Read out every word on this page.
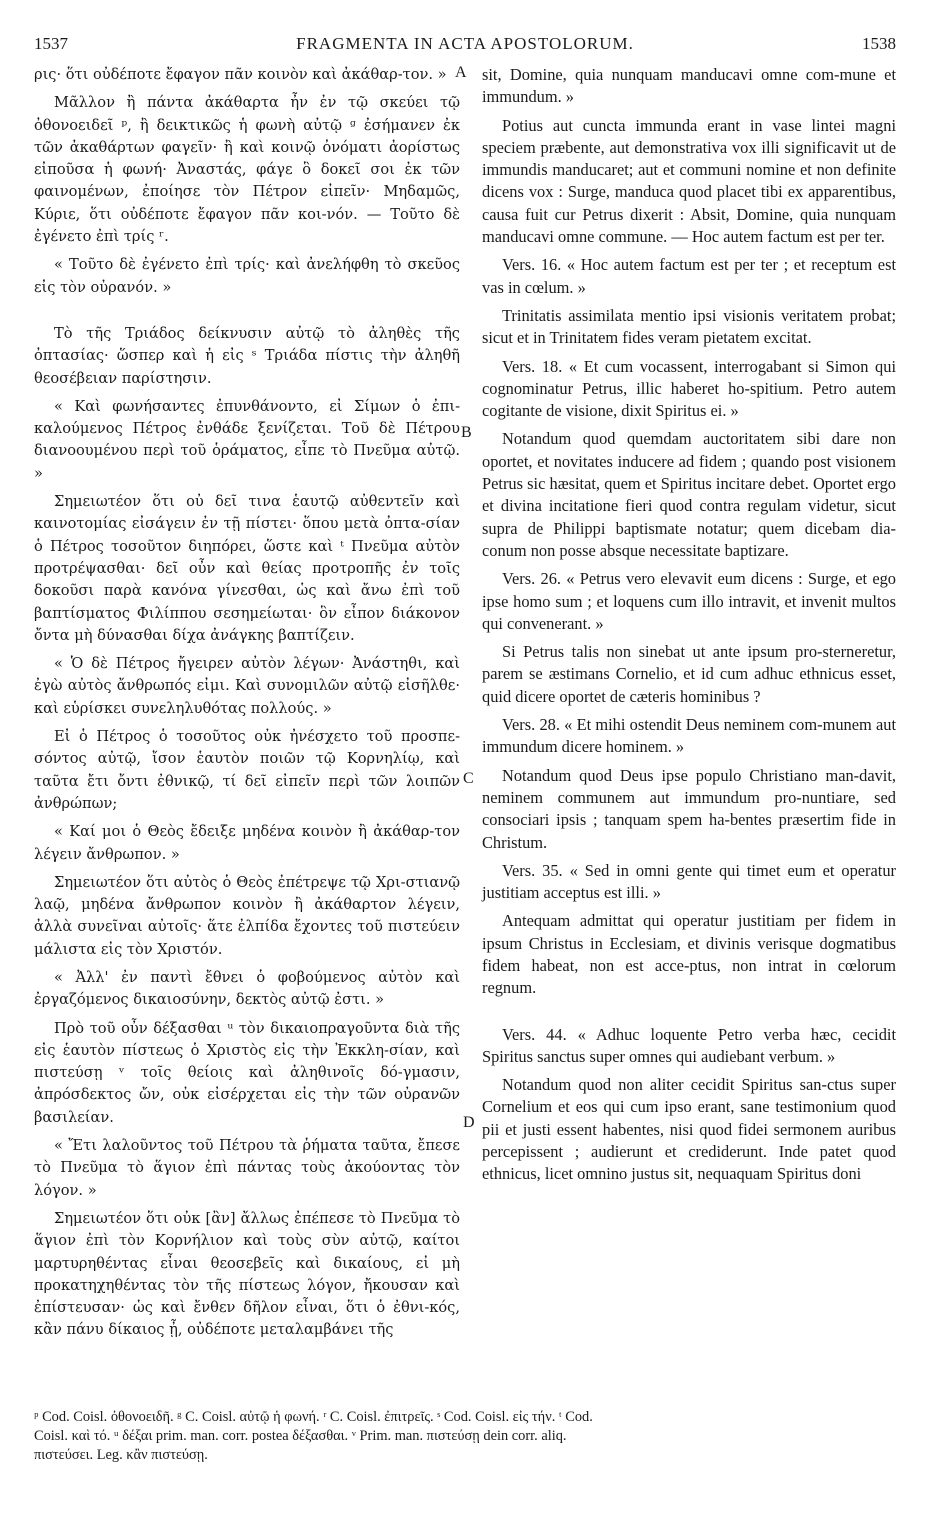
1537	FRAGMENTA IN ACTA APOSTOLORUM.	1538

ρις· ὅτι οὐδέποτε ἔφαγον πᾶν κοινὸν καὶ ἀκάθαρ-τον. »

Μᾶλλον ἢ πάντα ἀκάθαρτα ἦν ἐν τῷ σκεύει τῷ ὀθονοειδεῖ ᵖ, ἢ δεικτικῶς ἡ φωνὴ αὐτῷ ᵍ ἐσήμανεν ἐκ τῶν ἀκαθάρτων φαγεῖν· ἢ καὶ κοινῷ ὀνόματι ἀορίστως εἰποῦσα ἡ φωνή· Ἀναστάς, φάγε ὃ δοκεῖ σοι ἐκ τῶν φαινομένων, ἐποίησε τὸν Πέτρον εἰπεῖν· Μηδαμῶς, Κύριε, ὅτι οὐδέποτε ἔφαγον πᾶν κοι-νόν. — Τοῦτο δὲ ἐγένετο ἐπὶ τρίς ʳ.

« Τοῦτο δὲ ἐγένετο ἐπὶ τρίς· καὶ ἀνελήφθη τὸ σκεῦος εἰς τὸν οὐρανόν. »

Τὸ τῆς Τριάδος δείκνυσιν αὐτῷ τὸ ἀληθὲς τῆς ὀπτασίας· ὥσπερ καὶ ἡ εἰς ˢ Τριάδα πίστις τὴν ἀληθῆ θεοσέβειαν παρίστησιν.

« Καὶ φωνήσαντες ἐπυνθάνοντο, εἰ Σίμων ὁ ἐπι-καλούμενος Πέτρος ἐνθάδε ξενίζεται. Τοῦ δὲ Πέτρου διανοουμένου περὶ τοῦ ὁράματος, εἶπε τὸ Πνεῦμα αὐτῷ. »

Σημειωτέον ὅτι οὐ δεῖ τινα ἑαυτῷ αὐθεντεῖν καὶ καινοτομίας εἰσάγειν ἐν τῇ πίστει· ὅπου μετὰ ὀπτα-σίαν ὁ Πέτρος τοσοῦτον διηπόρει, ὥστε καὶ ᵗ Πνεῦμα αὐτὸν προτρέψασθαι· δεῖ οὖν καὶ θείας προτροπῆς ἐν τοῖς δοκοῦσι παρὰ κανόνα γίνεσθαι, ὡς καὶ ἄνω ἐπὶ τοῦ βαπτίσματος Φιλίππου σεσημείωται· ὃν εἶπον διάκονον ὄντα μὴ δύνασθαι δίχα ἀνάγκης βαπτίζειν.

« Ὁ δὲ Πέτρος ἤγειρεν αὐτὸν λέγων· Ἀνάστηθι, καὶ ἐγὼ αὐτὸς ἄνθρωπός εἰμι. Καὶ συνομιλῶν αὐτῷ εἰσῆλθε· καὶ εὑρίσκει συνεληλυθότας πολλούς. »

Εἰ ὁ Πέτρος ὁ τοσοῦτος οὐκ ἠνέσχετο τοῦ προσπε-σόντος αὐτῷ, ἴσον ἑαυτὸν ποιῶν τῷ Κορνηλίῳ, καὶ ταῦτα ἔτι ὄντι ἐθνικῷ, τί δεῖ εἰπεῖν περὶ τῶν λοιπῶν ἀνθρώπων;

« Καί μοι ὁ Θεὸς ἔδειξε μηδένα κοινὸν ἢ ἀκάθαρ-τον λέγειν ἄνθρωπον. »

Σημειωτέον ὅτι αὐτὸς ὁ Θεὸς ἐπέτρεψε τῷ Χρι-στιανῷ λαῷ, μηδένα ἄνθρωπον κοινὸν ἢ ἀκάθαρτον λέγειν, ἀλλὰ συνεῖναι αὐτοῖς· ἅτε ἐλπίδα ἔχοντες τοῦ πιστεύειν μάλιστα εἰς τὸν Χριστόν.

« Ἀλλ' ἐν παντὶ ἔθνει ὁ φοβούμενος αὐτὸν καὶ ἐργαζόμενος δικαιοσύνην, δεκτὸς αὐτῷ ἐστι. »

Πρὸ τοῦ οὖν δέξασθαι ᵘ τὸν δικαιοπραγοῦντα διὰ τῆς εἰς ἑαυτὸν πίστεως ὁ Χριστὸς εἰς τὴν Ἐκκλη-σίαν, καὶ πιστεύσῃ ᵛ τοῖς θείοις καὶ ἀληθινοῖς δό-γμασιν, ἀπρόσδεκτος ὤν, οὐκ εἰσέρχεται εἰς τὴν τῶν οὐρανῶν βασιλείαν.

« Ἔτι λαλοῦντος τοῦ Πέτρου τὰ ῥήματα ταῦτα, ἔπεσε τὸ Πνεῦμα τὸ ἅγιον ἐπὶ πάντας τοὺς ἀκούοντας τὸν λόγον. »

Σημειωτέον ὅτι οὐκ [ἂν] ἄλλως ἐπέπεσε τὸ Πνεῦμα τὸ ἅγιον ἐπὶ τὸν Κορνήλιον καὶ τοὺς σὺν αὐτῷ, καίτοι μαρτυρηθέντας εἶναι θεοσεβεῖς καὶ δικαίους, εἰ μὴ προκατηχηθέντας τὸν τῆς πίστεως λόγον, ἤκουσαν καὶ ἐπίστευσαν· ὡς καὶ ἔνθεν δῆλον εἶναι, ὅτι ὁ ἐθνι-κός, κἂν πάνυ δίκαιος ᾖ, οὐδέποτε μεταλαμβάνει τῆς

A
B
C
D

sit, Domine, quia nunquam manducavi omne com-mune et immundum. »

Potius aut cuncta immunda erant in vase lintei magni speciem præbente, aut demonstrativa vox illi significavit ut de immundis manducaret; aut et communi nomine et non definite dicens vox : Surge, manduca quod placet tibi ex apparentibus, causa fuit cur Petrus dixerit : Absit, Domine, quia nunquam manducavi omne commune. — Hoc autem factum est per ter.

Vers. 16. « Hoc autem factum est per ter ; et receptum est vas in cœlum. »

Trinitatis assimilata mentio ipsi visionis veritatem probat; sicut et in Trinitatem fides veram pietatem excitat.

Vers. 18. « Et cum vocassent, interrogabant si Simon qui cognominatur Petrus, illic haberet ho-spitium. Petro autem cogitante de visione, dixit Spiritus ei. »

Notandum quod quemdam auctoritatem sibi dare non oportet, et novitates inducere ad fidem ; quando post visionem Petrus sic hæsitat, quem et Spiritus incitare debet. Oportet ergo et divina incitatione fieri quod contra regulam videtur, sicut supra de Philippi baptismate notatur; quem dicebam dia-conum non posse absque necessitate baptizare.

Vers. 26. « Petrus vero elevavit eum dicens : Surge, et ego ipse homo sum ; et loquens cum illo intravit, et invenit multos qui convenerant. »

Si Petrus talis non sinebat ut ante ipsum pro-sterneretur, parem se æstimans Cornelio, et id cum adhuc ethnicus esset, quid dicere oportet de cæteris hominibus ?

Vers. 28. « Et mihi ostendit Deus neminem com-munem aut immundum dicere hominem. »

Notandum quod Deus ipse populo Christiano man-davit, neminem communem aut immundum pro-nuntiare, sed consociari ipsis ; tanquam spem ha-bentes præsertim fide in Christum.

Vers. 35. « Sed in omni gente qui timet eum et operatur justitiam acceptus est illi. »

Antequam admittat qui operatur justitiam per fidem in ipsum Christus in Ecclesiam, et divinis verisque dogmatibus fidem habeat, non est acce-ptus, non intrat in cœlorum regnum.

Vers. 44. « Adhuc loquente Petro verba hæc, cecidit Spiritus sanctus super omnes qui audiebant verbum. »

Notandum quod non aliter cecidit Spiritus san-ctus super Cornelium et eos qui cum ipso erant, sane testimonium quod pii et justi essent habentes, nisi quod fidei sermonem auribus percepissent ; audierunt et crediderunt. Inde patet quod ethnicus, licet omnino justus sit, nequaquam Spiritus doni

ᵖ Cod. Coisl. ὀθονοειδῆ. ᵍ C. Coisl. αὐτῷ ἡ φωνή. ʳ C. Coisl. ἐπιτρεῖς. ˢ Cod. Coisl. εἰς τήν. ᵗ Cod.
Coisl. καὶ τό. ᵘ δέξαι prim. man. corr. postea δέξασθαι. ᵛ Prim. man. πιστεύσῃ dein corr. aliq.
πιστεύσει. Leg. κἂν πιστεύσῃ.
